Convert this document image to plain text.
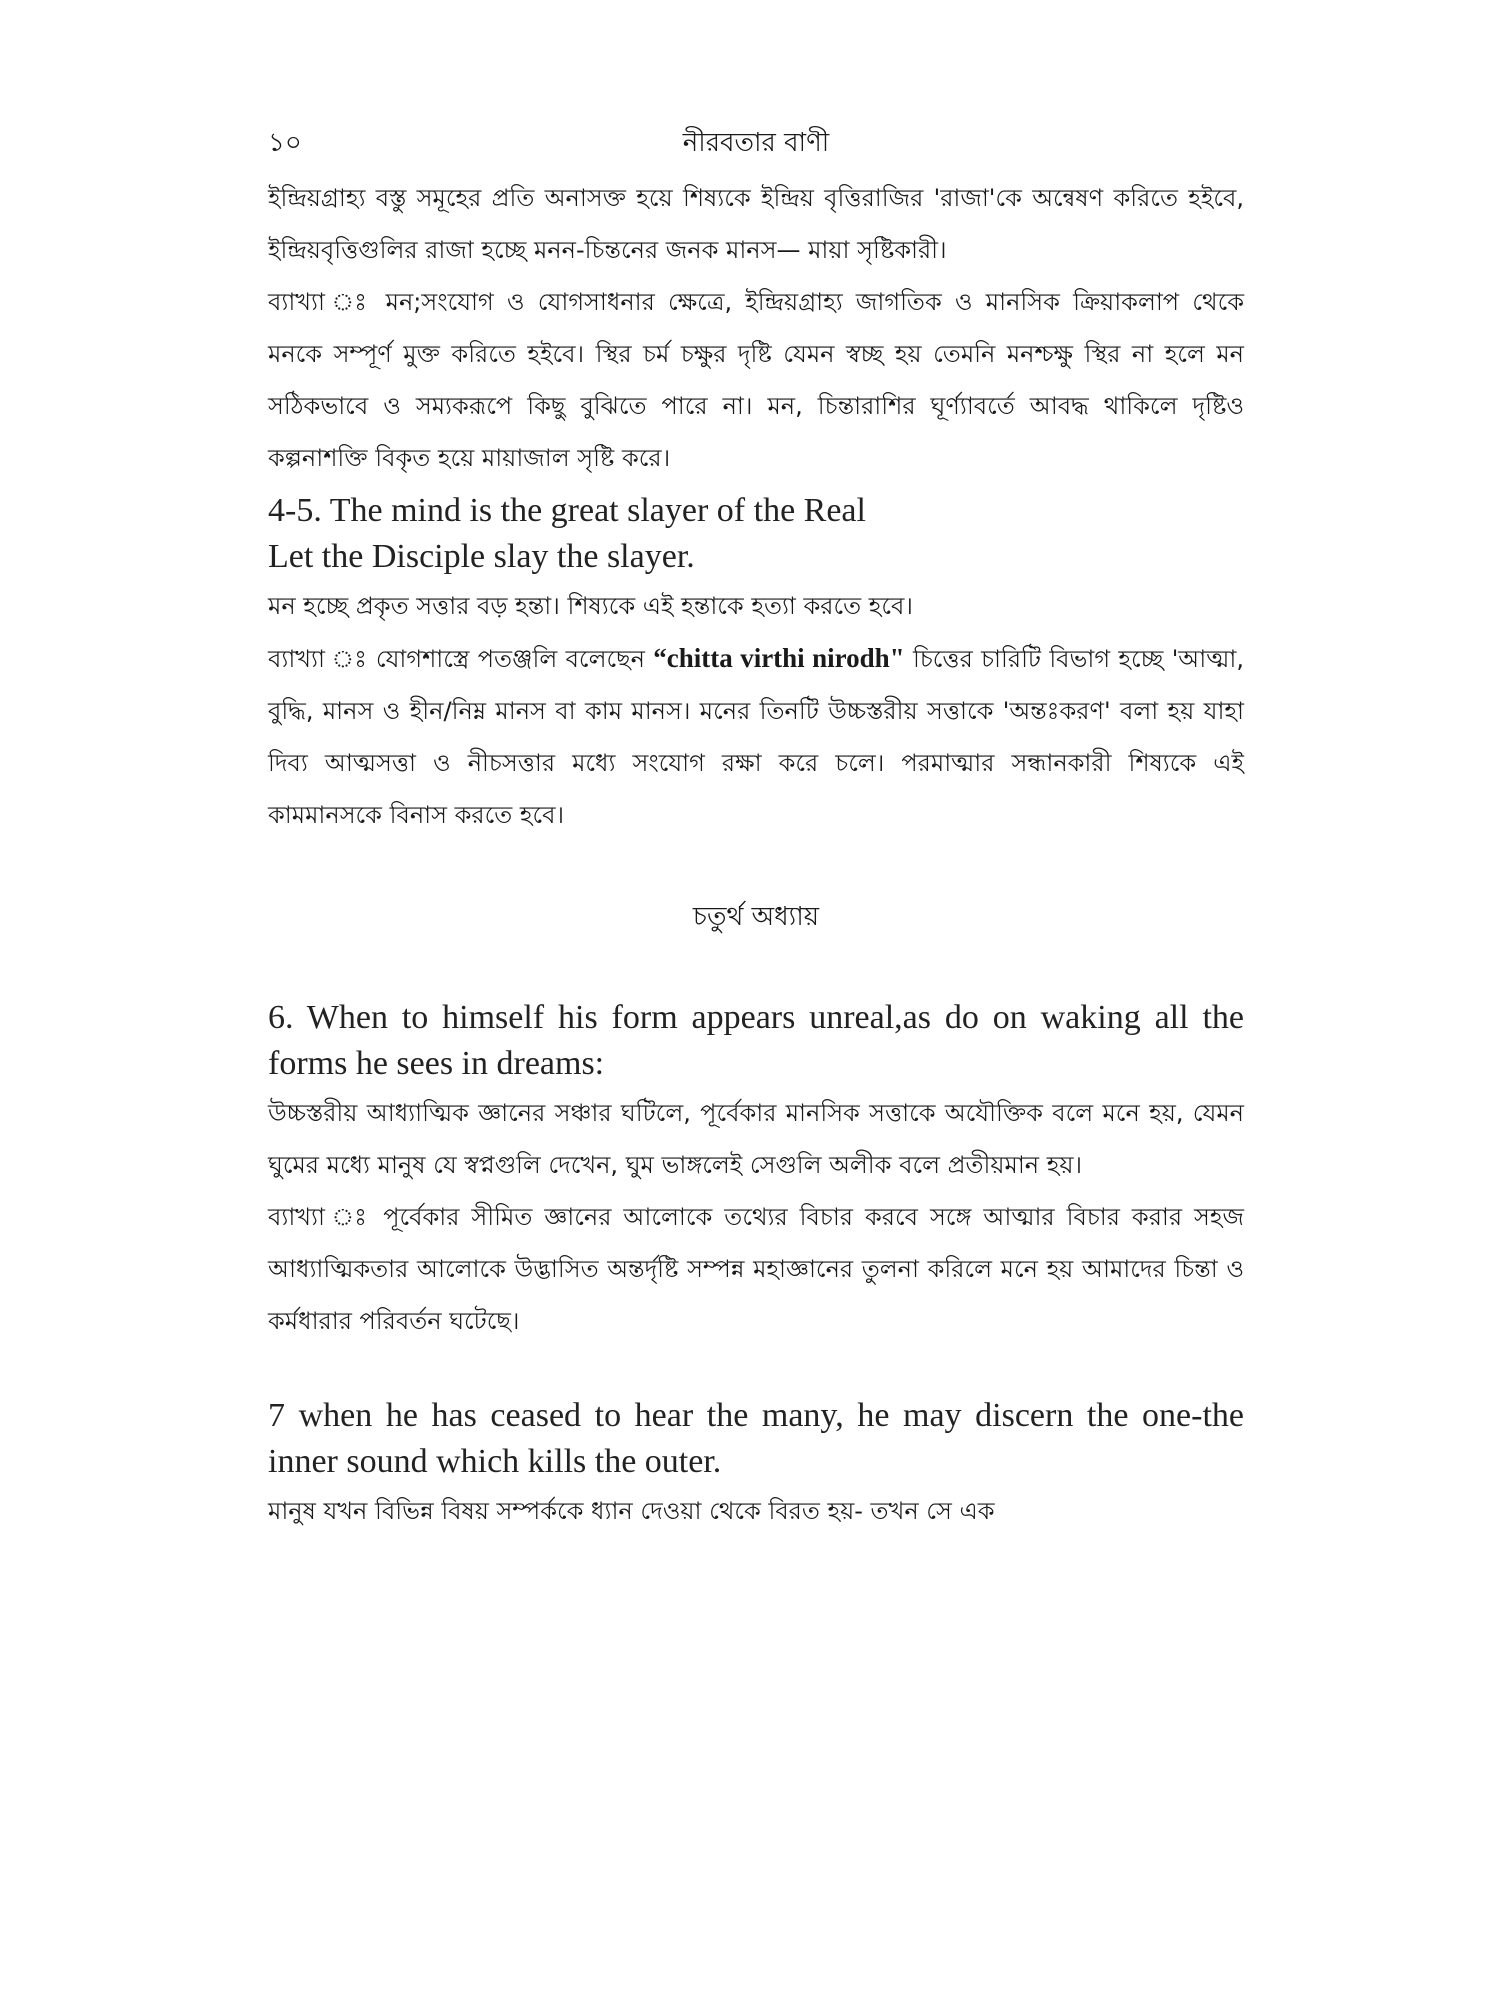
১০	নীরবতার বাণী

ইন্দ্রিয়গ্রাহ্য বস্তু সমূহের প্রতি অনাসক্ত হয়ে শিষ্যকে ইন্দ্রিয় বৃত্তিরাজির 'রাজা'কে অন্বেষণ করিতে হইবে, ইন্দ্রিয়বৃত্তিগুলির রাজা হচ্ছে মনন-চিন্তনের জনক মানস— মায়া সৃষ্টিকারী।

ব্যাখ্যা ঃ মন;সংযোগ ও যোগসাধনার ক্ষেত্রে, ইন্দ্রিয়গ্রাহ্য জাগতিক ও মানসিক ক্রিয়াকলাপ থেকে মনকে সম্পূর্ণ মুক্ত করিতে হইবে। স্থির চর্ম চক্ষুর দৃষ্টি যেমন স্বচ্ছ হয় তেমনি মনশ্চক্ষু স্থির না হলে মন সঠিকভাবে ও সম্যকরূপে কিছু বুঝিতে পারে না। মন, চিন্তারাশির ঘূর্ণ্যাবর্তে আবদ্ধ থাকিলে দৃষ্টিও কল্পনাশক্তি বিকৃত হয়ে মায়াজাল সৃষ্টি করে।

4-5. The mind is the great slayer of the Real

Let the Disciple slay the slayer.

মন হচ্ছে প্রকৃত সত্তার বড় হন্তা। শিষ্যকে এই হন্তাকে হত্যা করতে হবে।

ব্যাখ্যা ঃ যোগশাস্ত্রে পতঞ্জলি বলেছেন “chitta virthi nirodh" চিত্তের চারিটি বিভাগ হচ্ছে 'আত্মা, বুদ্ধি, মানস ও হীন/নিম্ন মানস বা কাম মানস। মনের তিনটি উচ্চস্তরীয় সত্তাকে 'অন্তঃকরণ' বলা হয় যাহা দিব্য আত্মসত্তা ও নীচসত্তার মধ্যে সংযোগ রক্ষা করে চলে। পরমাত্মার সন্ধানকারী শিষ্যকে এই কামমানসকে বিনাস করতে হবে।

চতুর্থ অধ্যায়

6. When to himself his form appears unreal,as do on waking all the forms he sees in dreams:

উচ্চস্তরীয় আধ্যাত্মিক জ্ঞানের সঞ্চার ঘটিলে, পূর্বেকার মানসিক সত্তাকে অযৌক্তিক বলে মনে হয়, যেমন ঘুমের মধ্যে মানুষ যে স্বপ্নগুলি দেখেন, ঘুম ভাঙ্গলেই সেগুলি অলীক বলে প্রতীয়মান হয়।

ব্যাখ্যা ঃ পূর্বেকার সীমিত জ্ঞানের আলোকে তথ্যের বিচার করবে সঙ্গে আত্মার বিচার করার সহজ আধ্যাত্মিকতার আলোকে উদ্ভাসিত অন্তর্দৃষ্টি সম্পন্ন মহাজ্ঞানের তুলনা করিলে মনে হয় আমাদের চিন্তা ও কর্মধারার পরিবর্তন ঘটেছে।

7 when he has ceased to hear the many, he may discern the one-the inner sound which kills the outer.

মানুষ যখন বিভিন্ন বিষয় সম্পর্ককে ধ্যান দেওয়া থেকে বিরত হয়- তখন সে এক
